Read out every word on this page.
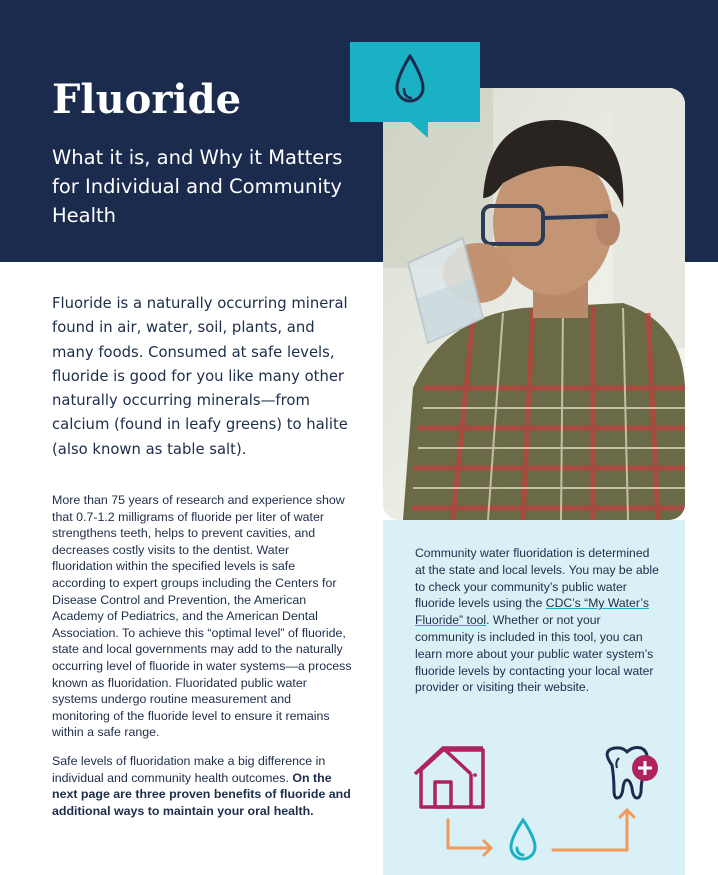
Fluoride
What it is, and Why it Matters for Individual and Community Health
Fluoride is a naturally occurring mineral found in air, water, soil, plants, and many foods. Consumed at safe levels, fluoride is good for you like many other naturally occurring minerals—from calcium (found in leafy greens) to halite (also known as table salt).

More than 75 years of research and experience show that 0.7-1.2 milligrams of fluoride per liter of water strengthens teeth, helps to prevent cavities, and decreases costly visits to the dentist. Water fluoridation within the specified levels is safe according to expert groups including the Centers for Disease Control and Prevention, the American Academy of Pediatrics, and the American Dental Association. To achieve this “optimal level” of fluoride, state and local governments may add to the naturally occurring level of fluoride in water systems—a process known as fluoridation. Fluoridated public water systems undergo routine measurement and monitoring of the fluoride level to ensure it remains within a safe range.

Safe levels of fluoridation make a big difference in individual and community health outcomes. On the next page are three proven benefits of fluoride and additional ways to maintain your oral health.

Community water fluoridation is determined at the state and local levels. You may be able to check your community’s public water fluoride levels using the CDC’s “My Water’s Fluoride” tool. Whether or not your community is included in this tool, you can learn more about your public water system’s fluoride levels by contacting your local water provider or visiting their website.
